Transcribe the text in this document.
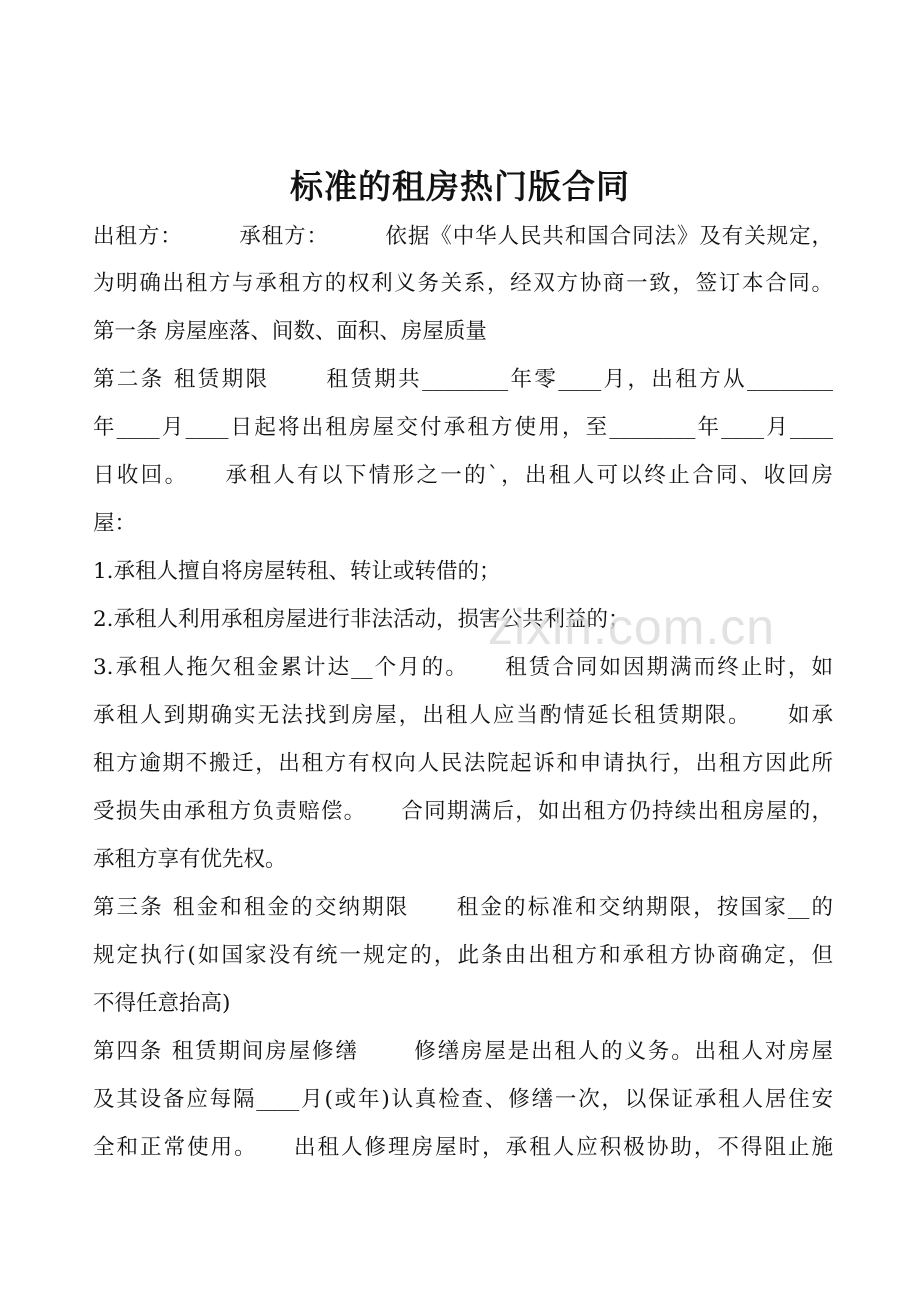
标准的租房热门版合同
出租方：　　　承租方：　　　依据《中华人民共和国合同法》及有关规定，
为明确出租方与承租方的权利义务关系，经双方协商一致，签订本合同。
第一条 房屋座落、间数、面积、房屋质量
第二条 租赁期限　　 租赁期共________年零____月，出租方从________
年____月____日起将出租房屋交付承租方使用，至________年____月____
日收回。　　承租人有以下情形之一的`，出租人可以终止合同、收回房
屋：
1.承租人擅自将房屋转租、转让或转借的；
2.承租人利用承租房屋进行非法活动，损害公共利益的；
3.承租人拖欠租金累计达__个月的。　　租赁合同如因期满而终止时，如
承租人到期确实无法找到房屋，出租人应当酌情延长租赁期限。　　如承
租方逾期不搬迁，出租方有权向人民法院起诉和申请执行，出租方因此所
受损失由承租方负责赔偿。　　合同期满后，如出租方仍持续出租房屋的，
承租方享有优先权。
第三条 租金和租金的交纳期限　　租金的标准和交纳期限，按国家__的
规定执行(如国家没有统一规定的，此条由出租方和承租方协商确定，但
不得任意抬高)
第四条 租赁期间房屋修缮　　 修缮房屋是出租人的义务。出租人对房屋
及其设备应每隔____月(或年)认真检查、修缮一次，以保证承租人居住安
全和正常使用。　　出租人修理房屋时，承租人应积极协助，不得阻止施
zixin.com.cn
